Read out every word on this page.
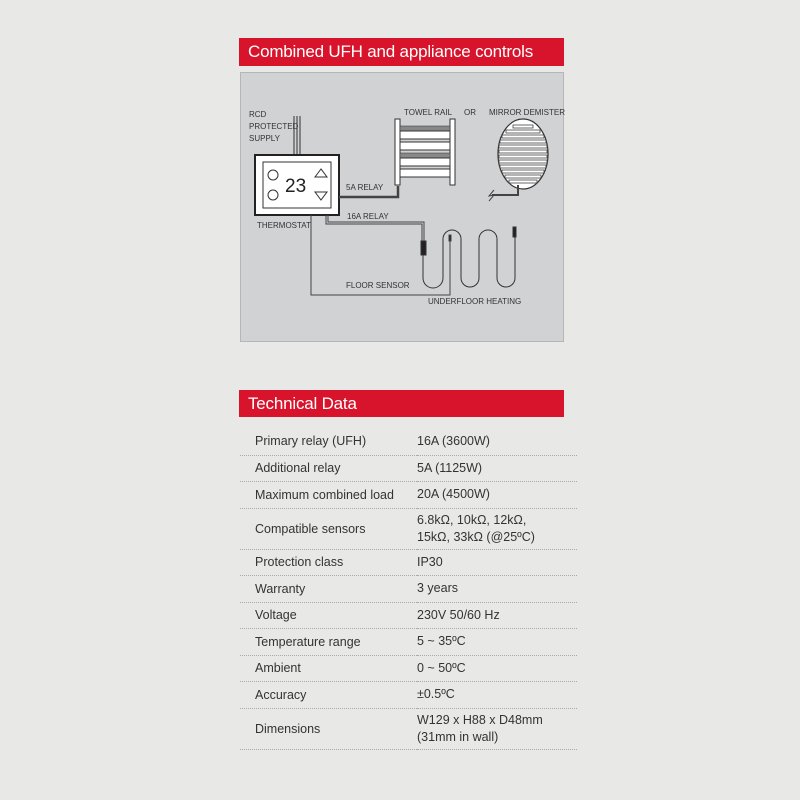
Combined UFH and appliance controls
RCD
PROTECTED
SUPPLY
23
THERMOSTAT
5A RELAY
16A RELAY
FLOOR SENSOR
UNDERFLOOR HEATING
TOWEL RAIL OR MIRROR DEMISTER
Technical Data
Primary relay (UFH)	16A (3600W)
Additional relay	5A (1125W)
Maximum combined load	20A (4500W)
Compatible sensors	6.8kΩ, 10kΩ, 12kΩ,
15kΩ, 33kΩ (@25ºC)

Protection class	IP30
Warranty	3 years
Voltage	230V 50/60 Hz
Temperature range	5 ~ 35ºC
Ambient	0 ~ 50ºC
Accuracy	±0.5ºC
Dimensions	W129 x H88 x D48mm
(31mm in wall)
